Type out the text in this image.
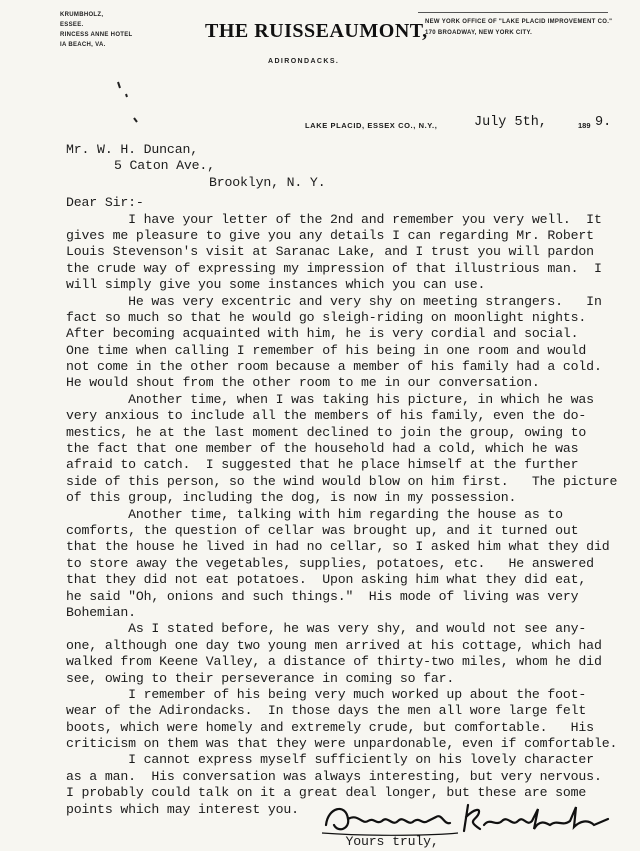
KRUMBHOLZ,
ESSEE.
RINCESS ANNE HOTEL
IA BEACH, VA.
THE RUISSEAUMONT,
ADIRONDACKS.
NEW YORK OFFICE OF "LAKE PLACID IMPROVEMENT CO."
170 BROADWAY, NEW YORK CITY.
LAKE PLACID, ESSEX CO., N.Y.,	July 5th,	189 9.
Mr. W. H. Duncan,
5 Caton Ave.,
Brooklyn, N. Y.
Dear Sir:-
I have your letter of the 2nd and remember you very well.  It
gives me pleasure to give you any details I can regarding Mr. Robert
Louis Stevenson's visit at Saranac Lake, and I trust you will pardon
the crude way of expressing my impression of that illustrious man.  I
will simply give you some instances which you can use.
He was very excentric and very shy on meeting strangers.   In
fact so much so that he would go sleigh-riding on moonlight nights.
After becoming acquainted with him, he is very cordial and social.
One time when calling I remember of his being in one room and would
not come in the other room because a member of his family had a cold.
He would shout from the other room to me in our conversation.
Another time, when I was taking his picture, in which he was
very anxious to include all the members of his family, even the do-
mestics, he at the last moment declined to join the group, owing to
the fact that one member of the household had a cold, which he was
afraid to catch.  I suggested that he place himself at the further
side of this person, so the wind would blow on him first.   The picture
of this group, including the dog, is now in my possession.
Another time, talking with him regarding the house as to
comforts, the question of cellar was brought up, and it turned out
that the house he lived in had no cellar, so I asked him what they did
to store away the vegetables, supplies, potatoes, etc.   He answered
that they did not eat potatoes.  Upon asking him what they did eat,
he said "Oh, onions and such things."  His mode of living was very
Bohemian.
As I stated before, he was very shy, and would not see any-
one, although one day two young men arrived at his cottage, which had
walked from Keene Valley, a distance of thirty-two miles, whom he did
see, owing to their perseverance in coming so far.
I remember of his being very much worked up about the foot-
wear of the Adirondacks.  In those days the men all wore large felt
boots, which were homely and extremely crude, but comfortable.   His
criticism on them was that they were unpardonable, even if comfortable.
I cannot express myself sufficiently on his lovely character
as a man.  His conversation was always interesting, but very nervous.
I probably could talk on it a great deal longer, but these are some
points which may interest you.
Yours truly,
